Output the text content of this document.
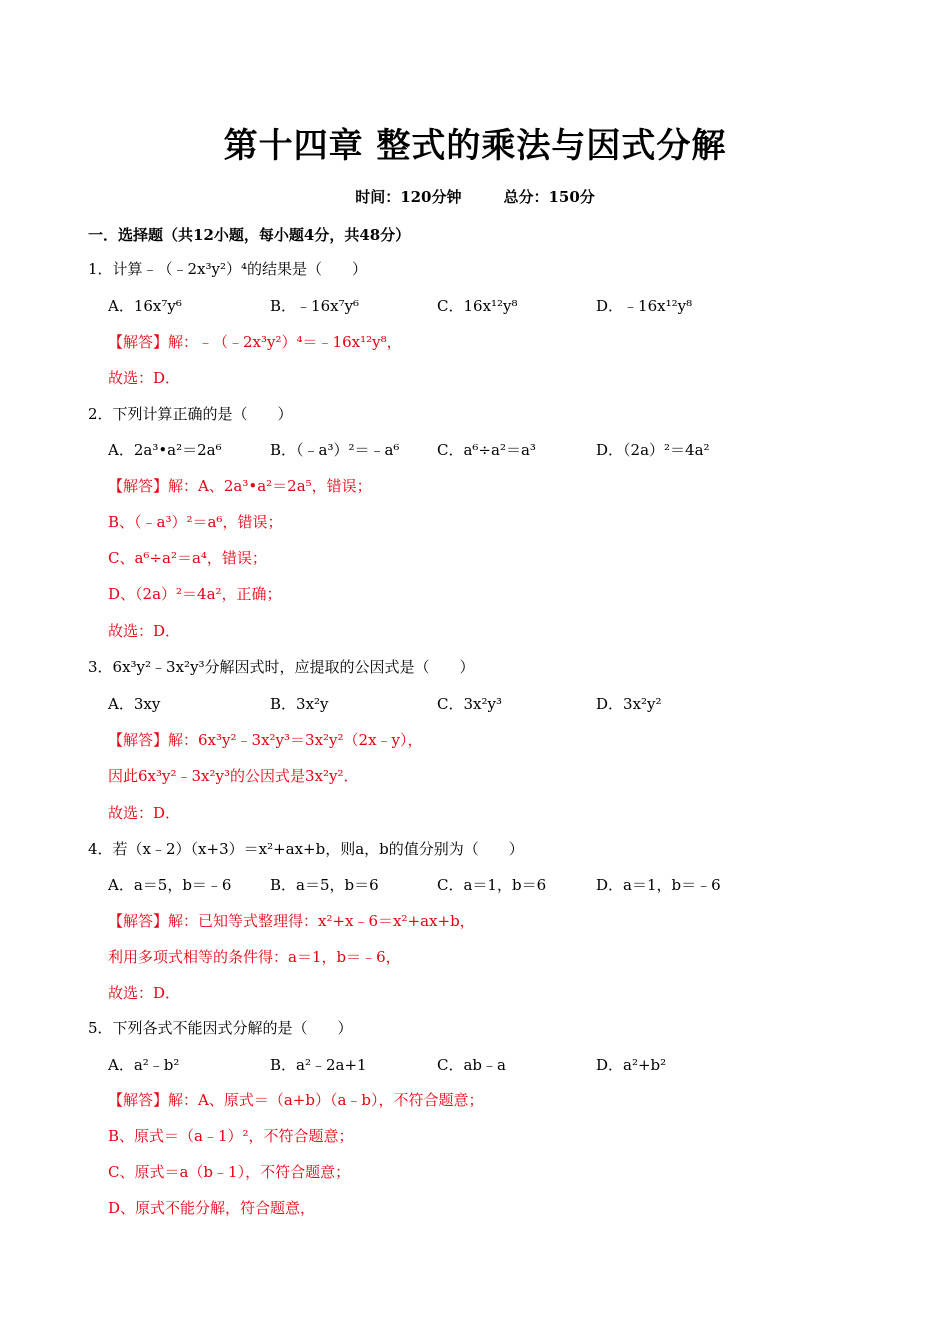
第十四章 整式的乘法与因式分解
时间：120分钟	总分：150分
一．选择题（共12小题，每小题4分，共48分）
1．计算﹣（﹣2x³y²）⁴的结果是（　　）
A．16x⁷y⁶	B．﹣16x⁷y⁶	C．16x¹²y⁸	D．﹣16x¹²y⁸
【解答】解：﹣（﹣2x³y²）⁴＝﹣16x¹²y⁸，
故选：D．
2．下列计算正确的是（　　）
A．2a³•a²＝2a⁶	B．（﹣a³）²＝﹣a⁶	C．a⁶÷a²＝a³	D．（2a）²＝4a²
【解答】解：A、2a³•a²＝2a⁵，错误；
B、（﹣a³）²＝a⁶，错误；
C、a⁶÷a²＝a⁴，错误；
D、（2a）²＝4a²，正确；
故选：D．
3．6x³y²﹣3x²y³分解因式时，应提取的公因式是（　　）
A．3xy	B．3x²y	C．3x²y³	D．3x²y²
【解答】解：6x³y²﹣3x²y³＝3x²y²（2x﹣y），
因此6x³y²﹣3x²y³的公因式是3x²y²．
故选：D．
4．若（x﹣2）（x+3）＝x²+ax+b，则a，b的值分别为（　　）
A．a＝5，b＝﹣6	B．a＝5，b＝6	C．a＝1，b＝6	D．a＝1，b＝﹣6
【解答】解：已知等式整理得：x²+x﹣6＝x²+ax+b，
利用多项式相等的条件得：a＝1，b＝﹣6，
故选：D．
5．下列各式不能因式分解的是（　　）
A．a²﹣b²	B．a²﹣2a+1	C．ab﹣a	D．a²+b²
【解答】解：A、原式＝（a+b）（a﹣b），不符合题意；
B、原式＝（a﹣1）²，不符合题意；
C、原式＝a（b﹣1），不符合题意；
D、原式不能分解，符合题意，
